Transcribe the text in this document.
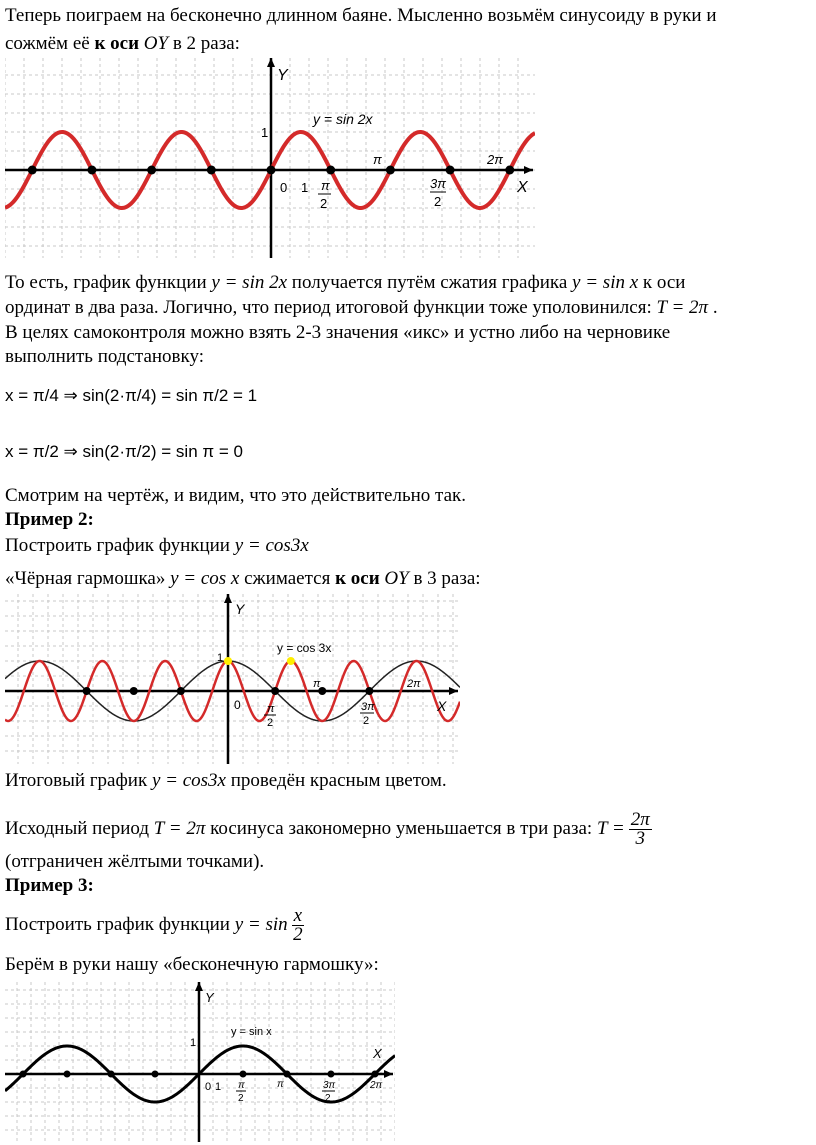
Теперь поиграем на бесконечно длинном баяне. Мысленно возьмём синусоиду в руки и
сожмём её к оси OY в 2 раза:
Y
X
1
0 1
y = sin 2x
π
2
π
3π
2
2π
То есть, график функции y = sin 2x получается путём сжатия графика y = sin x к оси
ординат в два раза. Логично, что период итоговой функции тоже уполовинился: T = 2π .
В целях самоконтроля можно взять 2-3 значения «икс» и устно либо на черновике
выполнить подстановку:
x = π/4 ⇒ sin(2·π/4) = sin π/2 = 1
x = π/2 ⇒ sin(2·π/2) = sin π = 0
Смотрим на чертёж, и видим, что это действительно так.
Пример 2:
Построить график функции y = cos3x
«Чёрная гармошка» y = cos x сжимается к оси OY в 3 раза:
Y
X
1
0
y = cos 3x
π
2
π
3π
2
2π
Итоговый график y = cos3x проведён красным цветом.
Исходный период T = 2π косинуса закономерно уменьшается в три раза: $T = \frac{2\pi}{3}$
(отграничен жёлтыми точками).
Пример 3:
Построить график функции $y = \sin \frac{x}{2}$
Берём в руки нашу «бесконечную гармошку»:
Y
X
1
0 1
y = sin x
π
2
π	3π
2
2π
